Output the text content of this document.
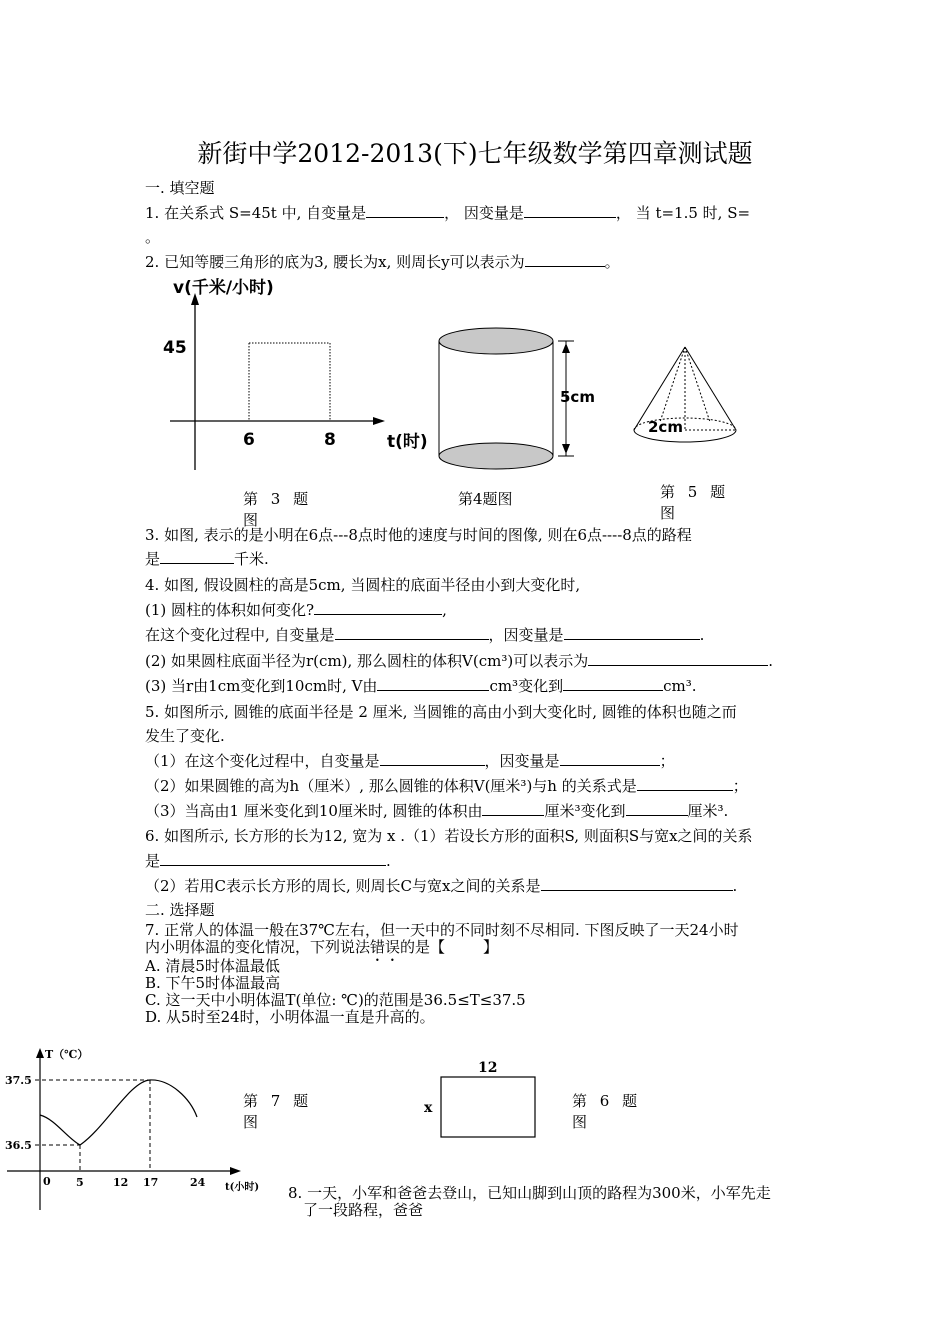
新街中学2012-2013(下)七年级数学第四章测试题
一. 填空题
1. 在关系式 S=45t 中, 自变量是	， 因变量是	， 当 t=1.5 时, S=
。
2. 已知等腰三角形的底为3, 腰长为x, 则周长y可以表示为	。
v(千米/小时)
45
6	8	t(时)
第 3 题图
5cm
第4题图
2cm
第 5 题图
3. 如图, 表示的是小明在6点---8点时他的速度与时间的图像, 则在6点----8点的路程
是	千米.
4. 如图, 假设圆柱的高是5cm, 当圆柱的底面半径由小到大变化时,
(1) 圆柱的体积如何变化?	,
在这个变化过程中, 自变量是	，因变量是	.
(2) 如果圆柱底面半径为r(cm), 那么圆柱的体积V(cm³)可以表示为	.
(3) 当r由1cm变化到10cm时, V由	cm³变化到	cm³.
5. 如图所示, 圆锥的底面半径是 2 厘米, 当圆锥的高由小到大变化时, 圆锥的体积也随之而
发生了变化.
（1）在这个变化过程中，自变量是	，因变量是	；
（2）如果圆锥的高为h（厘米）, 那么圆锥的体积V(厘米³)与h 的关系式是	；
（3）当高由1 厘米变化到10厘米时, 圆锥的体积由	厘米³变化到	厘米³.
6. 如图所示, 长方形的长为12, 宽为 x .（1）若设长方形的面积S, 则面积S与宽x之间的关系
是	.
（2）若用C表示长方形的周长, 则周长C与宽x之间的关系是	.
二. 选择题
7. 正常人的体温一般在37℃左右，但一天中的不同时刻不尽相同. 下图反映了一天24小时
内小明体温的变化情况，下列说法错误的是【	】
A. 清晨5时体温最低
B. 下午5时体温最高
C. 这一天中小明体温T(单位: ℃)的范围是36.5≤T≤37.5
D. 从5时至24时，小明体温一直是升高的。
T（℃）
37.5
36.5
0 5	12 17	24 t(小时)
第 7 题图
12
x	第 6 题图
8. 一天，小军和爸爸去登山，已知山脚到山顶的路程为300米，小军先走
了一段路程，爸爸
